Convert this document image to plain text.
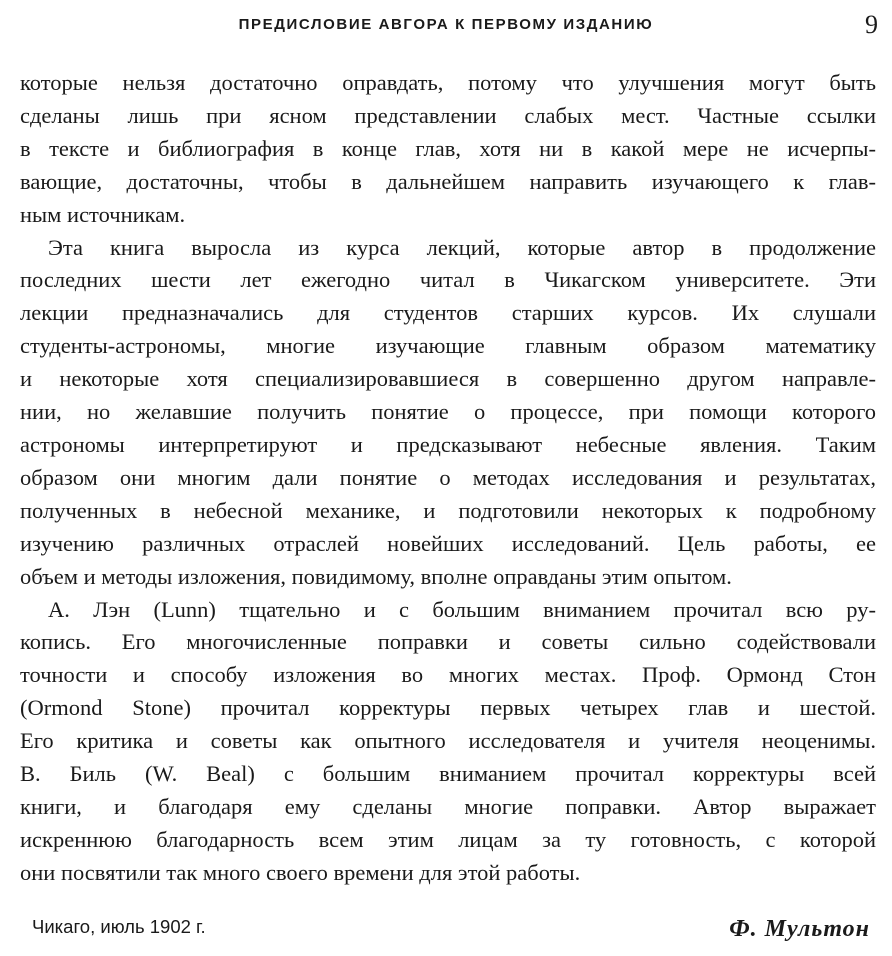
ПРЕДИСЛОВИЕ АВГОРА К ПЕРВОМУ ИЗДАНИЮ	9

которые нельзя достаточно оправдать, потому что улучшения могут быть
сделаны лишь при ясном представлении слабых мест. Частные ссылки
в тексте и библиография в конце глав, хотя ни в какой мере не исчерпы-
вающие, достаточны, чтобы в дальнейшем направить изучающего к глав-
ным источникам.

Эта книга выросла из курса лекций, которые автор в продолжение
последних шести лет ежегодно читал в Чикагском университете. Эти
лекции предназначались для студентов старших курсов. Их слушали
студенты-астрономы, многие изучающие главным образом математику
и некоторые хотя специализировавшиеся в совершенно другом направле-
нии, но желавшие получить понятие о процессе, при помощи которого
астрономы интерпретируют и предсказывают небесные явления. Таким
образом они многим дали понятие о методах исследования и результатах,
полученных в небесной механике, и подготовили некоторых к подробному
изучению различных отраслей новейших исследований. Цель работы, ее
объем и методы изложения, повидимому, вполне оправданы этим опытом.

А. Лэн (Lunn) тщательно и с большим вниманием прочитал всю ру-
копись. Его многочисленные поправки и советы сильно содействовали
точности и способу изложения во многих местах. Проф. Ормонд Стон
(Ormond Stone) прочитал корректуры первых четырех глав и шестой.
Его критика и советы как опытного исследователя и учителя неоценимы.
В. Биль (W. Beal) с большим вниманием прочитал корректуры всей
книги, и благодаря ему сделаны многие поправки. Автор выражает
искреннюю благодарность всем этим лицам за ту готовность, с которой
они посвятили так много своего времени для этой работы.

Чикаго, июль 1902 г.	Ф. Мультон
